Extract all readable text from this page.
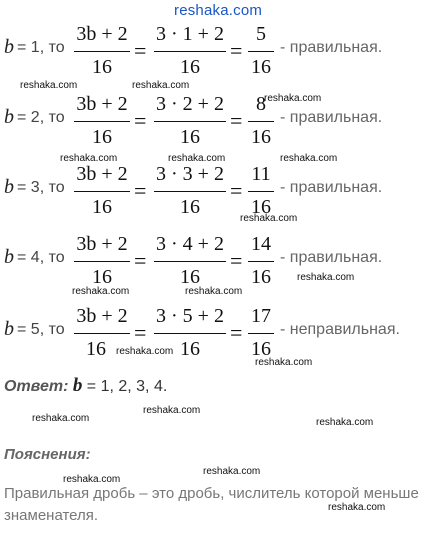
reshaka.com
b = 1, то
3b + 2
16
=
3 · 1 + 2
16
=
5
16
- правильная.
b = 2, то
3b + 2
16
=
3 · 2 + 2
16
=
8
16
- правильная.
b = 3, то
3b + 2
16
=
3 · 3 + 2
16
=
11
16
- правильная.
b = 4, то
3b + 2
16
=
3 · 4 + 2
16
=
14
16
- правильная.
b = 5, то
3b + 2
16
=
3 · 5 + 2
16
=
17
16
- неправильная.
Ответ: b = 1, 2, 3, 4.
Пояснения:
Правильная дробь – это дробь, числитель которой меньше знаменателя.
reshaka.com	reshaka.com
reshaka.com
reshaka.com	reshaka.com	reshaka.com
reshaka.com
reshaka.com	reshaka.com
reshaka.com
reshaka.com
reshaka.com
reshaka.com
reshaka.com
reshaka.com
reshaka.com
reshaka.com
reshaka.com
